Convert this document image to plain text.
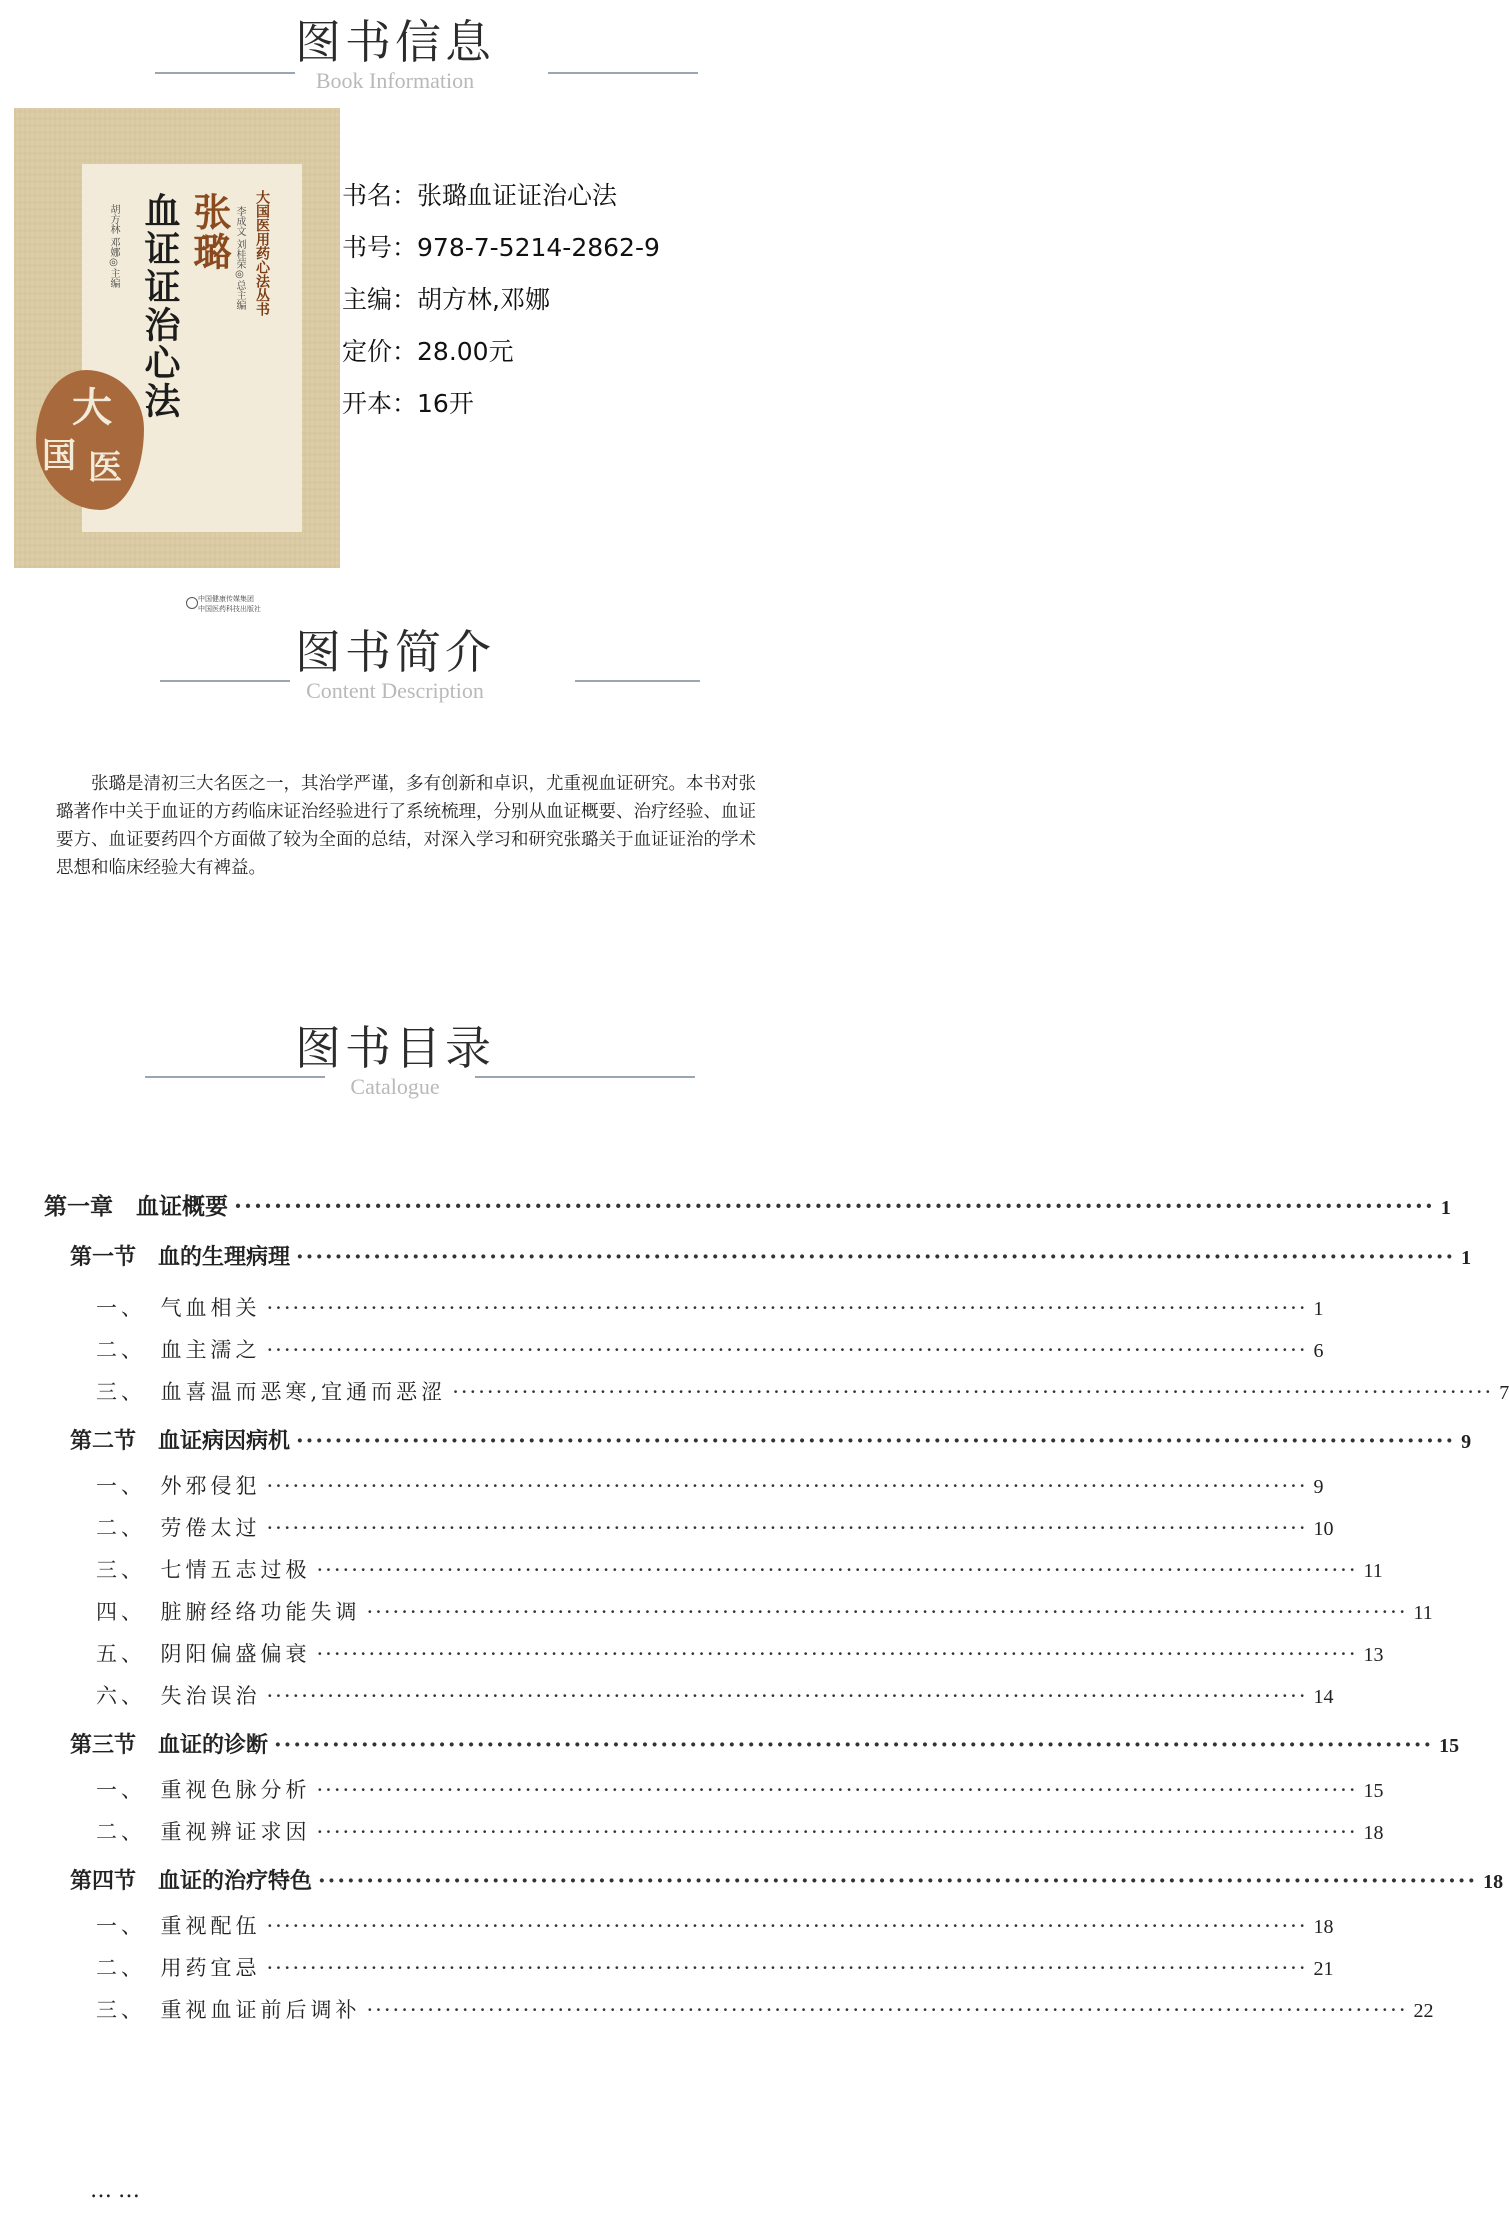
图书信息
Book Information
张璐
血证证治心法	大国医用药心法丛书
李成文 刘桂荣◎总主编
胡方林 邓娜◎主编
大
国 医
中国健康传媒集团
中国医药科技出版社
书名：张璐血证证治心法
书号：978-7-5214-2862-9
主编：胡方林,邓娜
定价：28.00元
开本：16开
图书简介
Content Description

张璐是清初三大名医之一，其治学严谨，多有创新和卓识，尤重视血证研究。本书对张璐著作中关于血证的方药临床证治经验进行了系统梳理，分别从血证概要、治疗经验、血证要方、血证要药四个方面做了较为全面的总结，对深入学习和研究张璐关于血证证治的学术思想和临床经验大有裨益。

图书目录
Catalogue
第一章　血证概要 ························································································································ 1
第一节　血的生理病理 ························································································································ 1
一、　气血相关 ························································································································ 1
二、　血主濡之 ························································································································ 6
三、　血喜温而恶寒,宜通而恶涩 ························································································································ 7
第二节　血证病因病机 ························································································································ 9
一、　外邪侵犯 ························································································································ 9
二、　劳倦太过 ························································································································ 10
三、　七情五志过极 ························································································································ 11
四、　脏腑经络功能失调 ························································································································ 11
五、　阴阳偏盛偏衰 ························································································································ 13
六、　失治误治 ························································································································ 14
第三节　血证的诊断 ························································································································ 15
一、　重视色脉分析 ························································································································ 15
二、　重视辨证求因 ························································································································ 18
第四节　血证的治疗特色 ························································································································ 18
一、　重视配伍 ························································································································ 18
二、　用药宜忌 ························································································································ 21
三、　重视血证前后调补 ························································································································ 22
……
